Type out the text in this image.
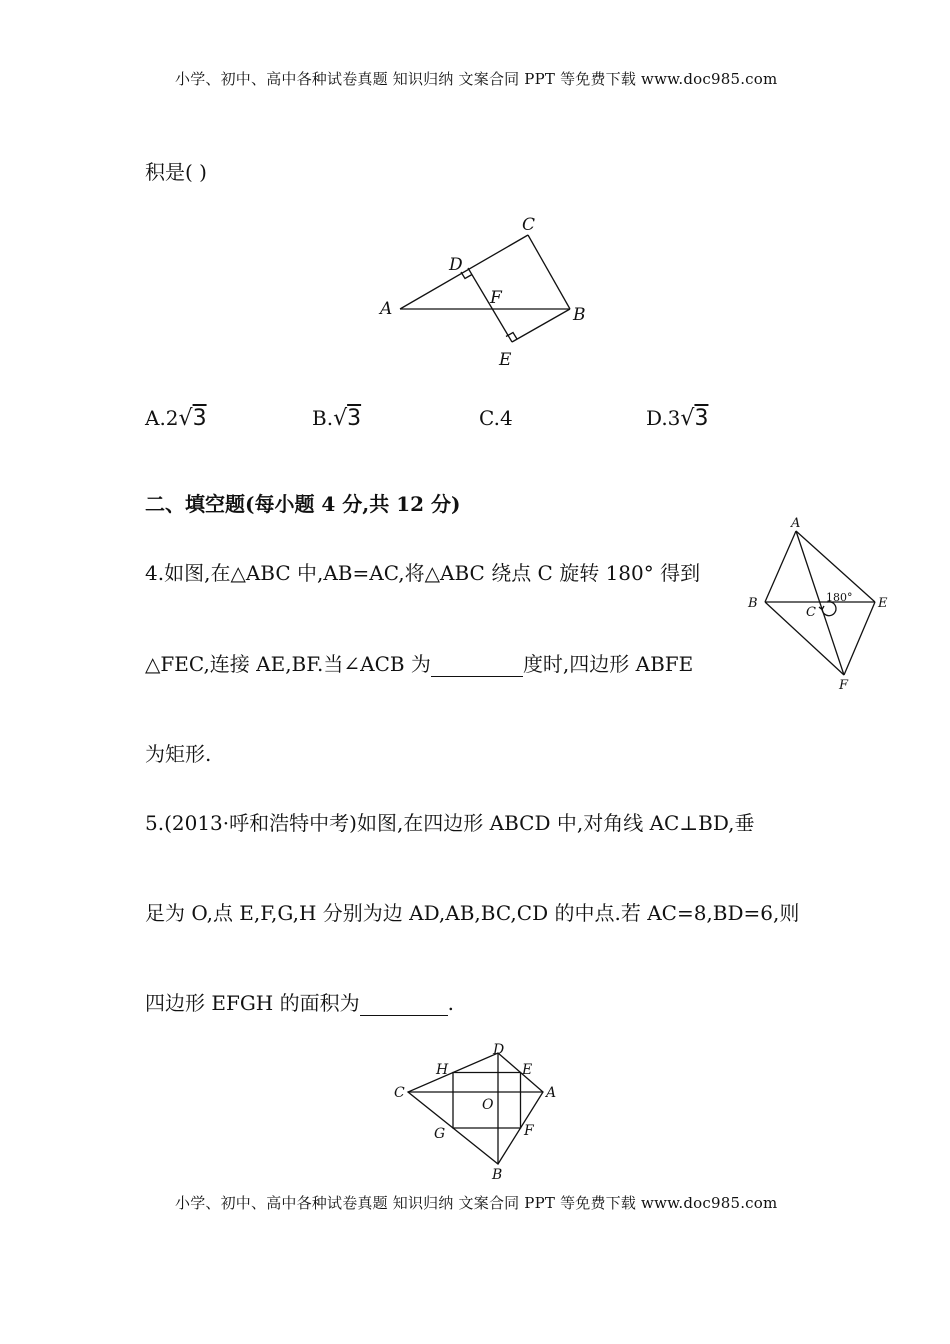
小学、初中、高中各种试卷真题 知识归纳 文案合同 PPT 等免费下载 www.doc985.com
积是( )
A	B
C
D
F
E
A.2√3	B.√3	C.4	D.3√3
二、填空题(每小题 4 分,共 12 分)
4.如图,在△ABC 中,AB=AC,将△ABC 绕点 C 旋转 180° 得到
△FEC,连接 AE,BF.当∠ACB 为	度时,四边形 ABFE
为矩形.
A
B
C
E
F
180°
5.(2013·呼和浩特中考)如图,在四边形 ABCD 中,对角线 AC⊥BD,垂
足为 O,点 E,F,G,H 分别为边 AD,AB,BC,CD 的中点.若 AC=8,BD=6,则
四边形 EFGH 的面积为	.
D
H	E
C	A
O
G	F
B
小学、初中、高中各种试卷真题 知识归纳 文案合同 PPT 等免费下载 www.doc985.com
